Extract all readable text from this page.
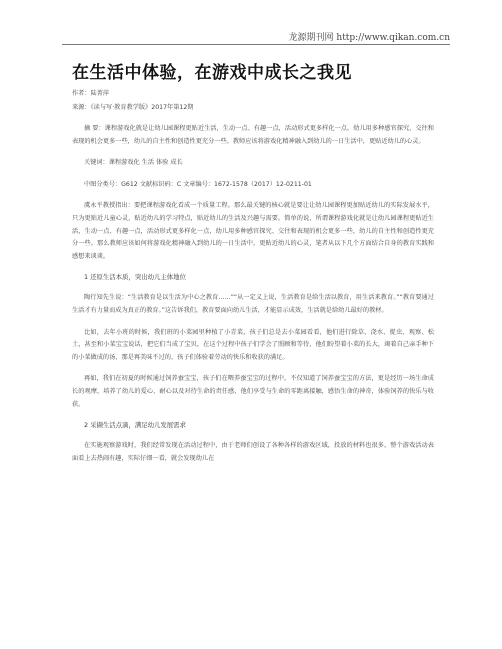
龙源期刊网 http://www.qikan.com.cn
在生活中体验，在游戏中成长之我见
作者：陆菁萍
来源：《读与写·教育教学版》2017年第12期
摘 要：课程游戏化就是让幼儿园课程更贴近生活，生动一点、有趣一点，活动形式更多样化一点。幼儿用多种感官探究、交往和表现的机会更多一些，幼儿的自主性和创造性更充分一些。教师应该将游戏化精神融入到幼儿的一日生活中，更贴近幼儿的心灵。
关键词：课程游戏化 生活 体验 成长
中图分类号：G612 文献标识码：C 文章编号：1672-1578（2017）12-0211-01
虞永平教授指出：要把课程游戏化看成一个质量工程。那么最关键的核心就是要让让幼儿园课程更加贴近幼儿的实际发展水平，只为更贴近儿童心灵，贴近幼儿的学习特点，贴近幼儿的生活及兴趣与需要。简单的说，所谓课程游戏化就是让幼儿园课程更贴近生活，生动一点、有趣一点，活动形式更多样化一点，幼儿用多种感官探究、交往和表现的机会更多一些，幼儿的自主性和创造性更充分一些。那么教师应该如何将游戏化精神融入到幼儿的一日生活中，更贴近幼儿的心灵，笔者从以下几个方面结合自身的教育实践和感想来谈谈。
1 还原生活本质，突出幼儿主体地位
陶行知先生说：“生活教育是以生活为中心之教育……”“从一定义上说，生活教育是给生活以教育，用生活来教育。”“教育要通过生活才有力量而成为真正的教育。”这告诉我们，教育要面向幼儿生活，才能显示成效，生活就是给幼儿最好的教材。
比如，去年小班的时候，我们班的小菜园里种植了小青菜，孩子们总是去小菜园看看，他们进行除草、浇水、捉虫、观察、松土，甚至和小菜宝宝说话，把它们当成了宝贝，在这个过程中孩子们学会了照顾和等待，他们盼望着小菜的长大，竭着自己亲手种下的小菜做成的汤，那是再美味不过的，孩子们体验着劳动的快乐和收获的满足。
再如，我们在初夏的时候通过饲养蚕宝宝，孩子们在喂养蚕宝宝的过程中，不仅知道了饲养蚕宝宝的方法，更是经历一场生命成长的观摩，培养了幼儿的爱心、耐心以及对待生命的责任感，他们享受与生命的零距离接触，感悟生命的神奇，体验饲养的快乐与收获。
2 采撷生活点滴，满足幼儿发展需求
在实施观察游戏时，我们经常发现在活动过程中，由于老师们创设了各种各样的游戏区域，投放的材料也很多，整个游戏活动表面看上去热闹有趣，实际仔细一看，就会发现幼儿在
